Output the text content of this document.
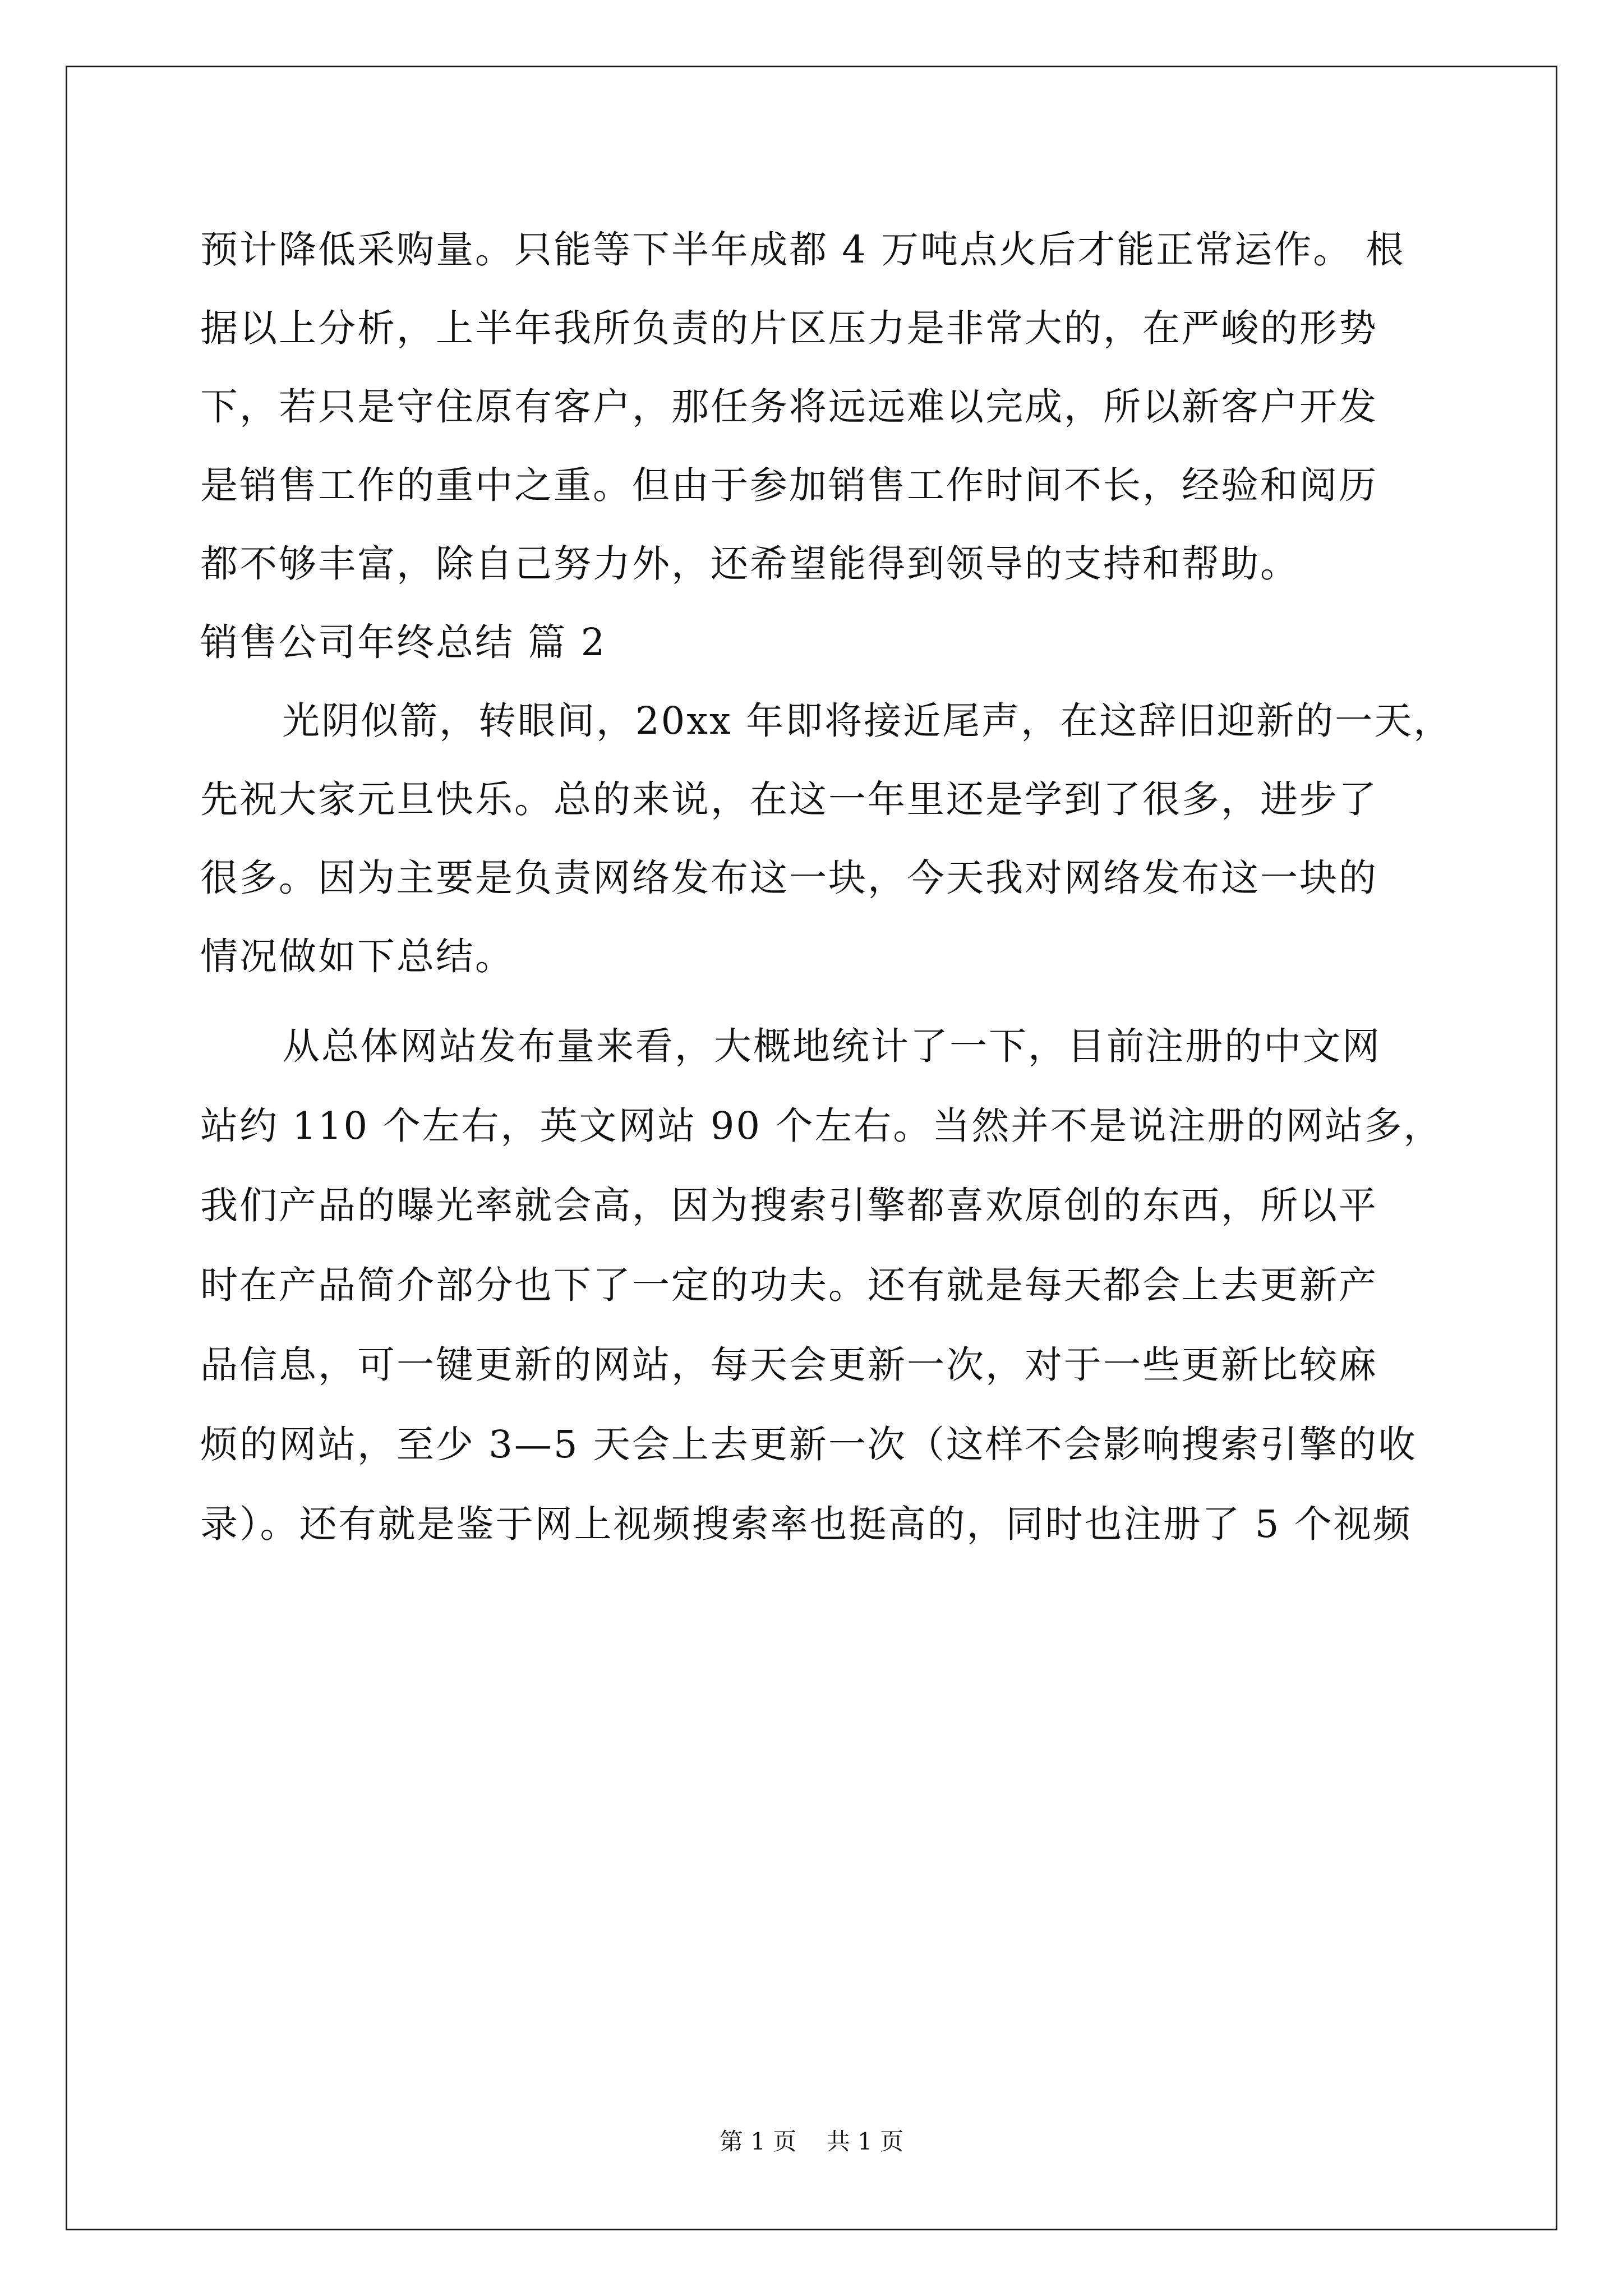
预计降低采购量。只能等下半年成都 4 万吨点火后才能正常运作。 根
据以上分析，上半年我所负责的片区压力是非常大的，在严峻的形势
下，若只是守住原有客户，那任务将远远难以完成，所以新客户开发
是销售工作的重中之重。但由于参加销售工作时间不长，经验和阅历
都不够丰富，除自己努力外，还希望能得到领导的支持和帮助。
销售公司年终总结 篇 2
光阴似箭，转眼间，20xx 年即将接近尾声，在这辞旧迎新的一天，
先祝大家元旦快乐。总的来说，在这一年里还是学到了很多，进步了
很多。因为主要是负责网络发布这一块，今天我对网络发布这一块的
情况做如下总结。
从总体网站发布量来看，大概地统计了一下，目前注册的中文网
站约 110 个左右，英文网站 90 个左右。当然并不是说注册的网站多，
我们产品的曝光率就会高，因为搜索引擎都喜欢原创的东西，所以平
时在产品简介部分也下了一定的功夫。还有就是每天都会上去更新产
品信息，可一键更新的网站，每天会更新一次，对于一些更新比较麻
烦的网站，至少 3—5 天会上去更新一次（这样不会影响搜索引擎的收
录）。还有就是鉴于网上视频搜索率也挺高的，同时也注册了 5 个视频
第 1 页    共 1 页
